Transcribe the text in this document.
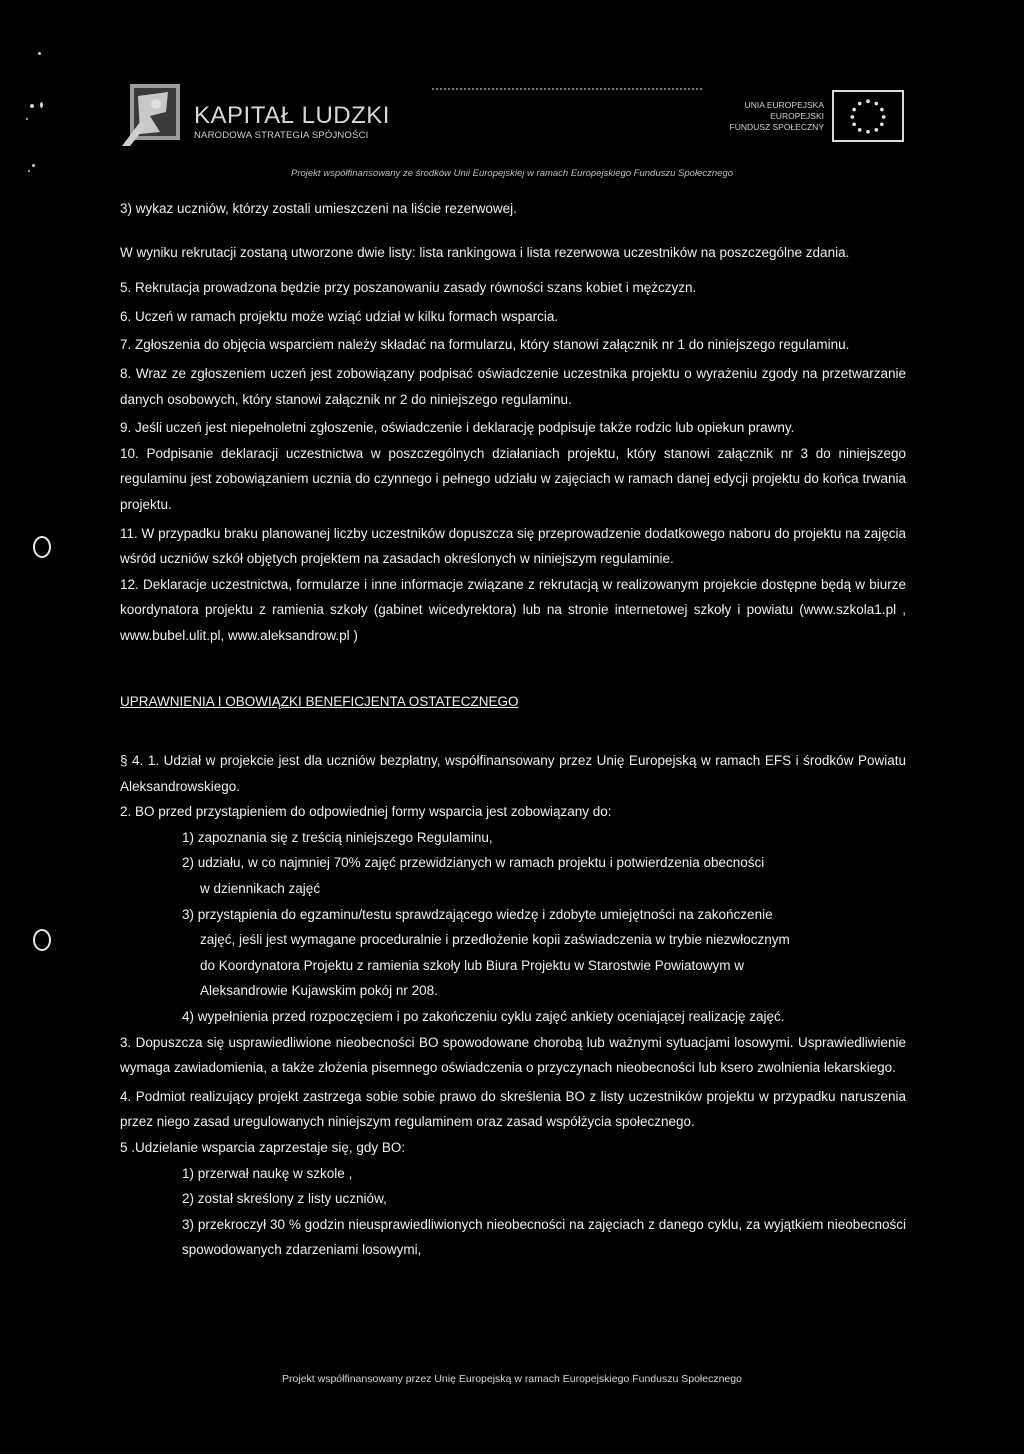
KAPITAŁ LUDZKI
NARODOWA STRATEGIA SPÓJNOŚCI
UNIA EUROPEJSKA
EUROPEJSKI
FUNDUSZ SPOŁECZNY
Projekt współfinansowany ze środków Unii Europejskiej w ramach Europejskiego Funduszu Społecznego

3) wykaz uczniów, którzy zostali umieszczeni na liście rezerwowej.

W wyniku rekrutacji zostaną utworzone dwie listy: lista rankingowa i lista rezerwowa uczestników na poszczególne zdania.

5. Rekrutacja prowadzona będzie przy poszanowaniu zasady równości szans kobiet i mężczyzn.

6. Uczeń w ramach projektu może wziąć udział w kilku formach wsparcia.

7. Zgłoszenia do objęcia wsparciem należy składać na formularzu, który stanowi załącznik nr 1 do niniejszego regulaminu.

8. Wraz ze zgłoszeniem uczeń jest zobowiązany podpisać oświadczenie uczestnika projektu o wyrażeniu zgody na przetwarzanie danych osobowych, który stanowi załącznik nr 2 do niniejszego regulaminu.

9. Jeśli uczeń jest niepełnoletni zgłoszenie, oświadczenie i deklarację podpisuje także rodzic lub opiekun prawny.

10. Podpisanie deklaracji uczestnictwa w poszczególnych działaniach projektu, który stanowi załącznik nr 3 do niniejszego regulaminu jest zobowiązaniem ucznia do czynnego i pełnego udziału w zajęciach w ramach danej edycji projektu do końca trwania projektu.

11. W przypadku braku planowanej liczby uczestników dopuszcza się przeprowadzenie dodatkowego naboru do projektu na zajęcia wśród uczniów szkół objętych projektem na zasadach określonych w niniejszym regulaminie.

12. Deklaracje uczestnictwa, formularze i inne informacje związane z rekrutacją w realizowanym projekcie dostępne będą w biurze koordynatora projektu z ramienia szkoły (gabinet wicedyrektora) lub na stronie internetowej szkoły i powiatu (www.szkola1.pl , www.bubel.ulit.pl, www.aleksandrow.pl )

UPRAWNIENIA I OBOWIĄZKI BENEFICJENTA OSTATECZNEGO

§ 4. 1. Udział w projekcie jest dla uczniów bezpłatny, współfinansowany przez Unię Europejską w ramach EFS i środków Powiatu Aleksandrowskiego.

2. BO przed przystąpieniem do odpowiedniej formy wsparcia jest zobowiązany do:

1) zapoznania się z treścią niniejszego Regulaminu,

2) udziału, w co najmniej 70% zajęć przewidzianych w ramach projektu i potwierdzenia obecności

w dziennikach zajęć

3) przystąpienia do egzaminu/testu sprawdzającego wiedzę i zdobyte umiejętności na zakończenie

zajęć, jeśli jest wymagane proceduralnie i przedłożenie kopii zaświadczenia w trybie niezwłocznym

do Koordynatora Projektu z ramienia szkoły lub Biura Projektu w Starostwie Powiatowym w

Aleksandrowie Kujawskim pokój nr 208.

4) wypełnienia przed rozpoczęciem i po zakończeniu cyklu zajęć ankiety oceniającej realizację zajęć.

3. Dopuszcza się usprawiedliwione nieobecności BO spowodowane chorobą lub ważnymi sytuacjami losowymi. Usprawiedliwienie wymaga zawiadomienia, a także złożenia pisemnego oświadczenia o przyczynach nieobecności lub ksero zwolnienia lekarskiego.

4. Podmiot realizujący projekt zastrzega sobie sobie prawo do skreślenia BO z listy uczestników projektu w przypadku naruszenia przez niego zasad uregulowanych niniejszym regulaminem oraz zasad współżycia społecznego.

5 .Udzielanie wsparcia zaprzestaje się, gdy BO:

1) przerwał naukę w szkole ,

2) został skreślony z listy uczniów,

3) przekroczył 30 % godzin nieusprawiedliwionych nieobecności na zajęciach z danego cyklu, za wyjątkiem nieobecności spowodowanych zdarzeniami losowymi,

Projekt współfinansowany przez Unię Europejską w ramach Europejskiego Funduszu Społecznego
